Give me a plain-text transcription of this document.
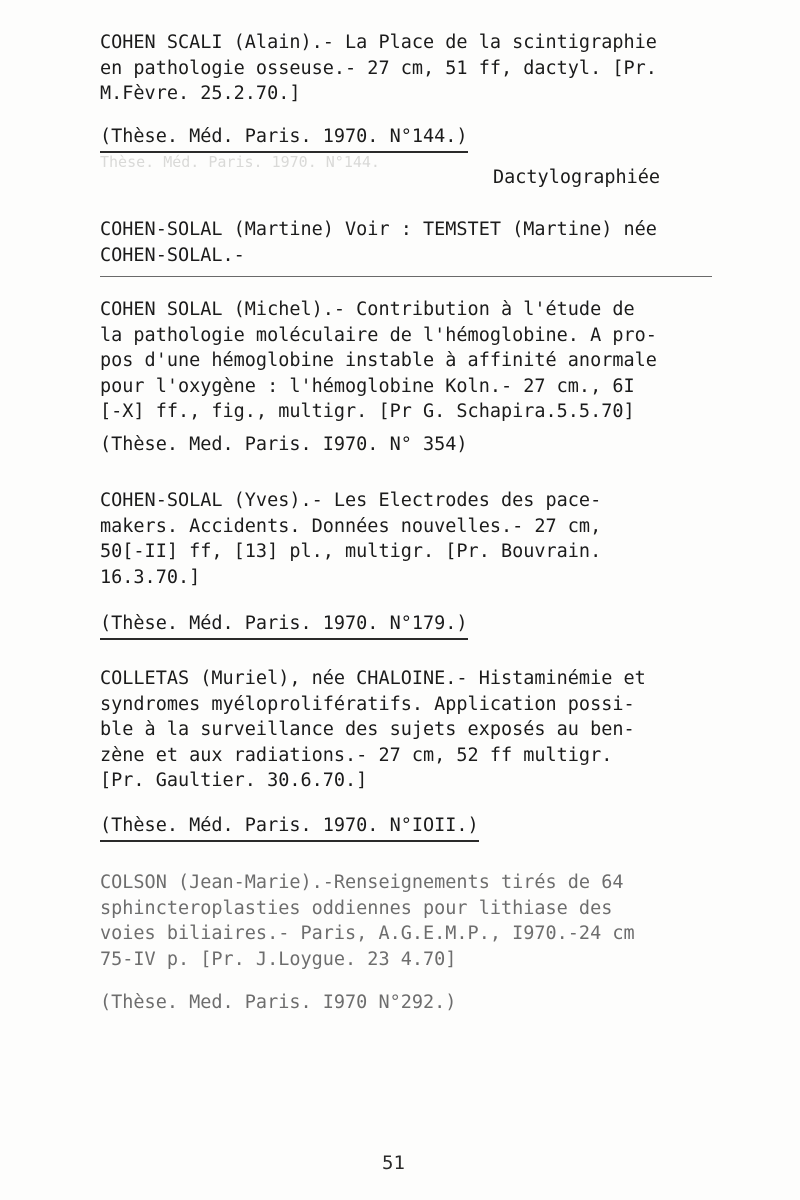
Thèse. Méd. Paris. 1970. N°144.

COHEN SCALI (Alain).- La Place de la scintigraphie
en pathologie osseuse.- 27 cm, 51 ff, dactyl. [Pr.
M.Fèvre. 25.2.70.]
(Thèse. Méd. Paris. 1970. N°144.)
Dactylographiée
COHEN-SOLAL (Martine) Voir : TEMSTET (Martine) née
COHEN-SOLAL.-
COHEN SOLAL (Michel).- Contribution à l'étude de
la pathologie moléculaire de l'hémoglobine. A pro-
pos d'une hémoglobine instable à affinité anormale
pour l'oxygène : l'hémoglobine Koln.- 27 cm., 6I
[-X] ff., fig., multigr. [Pr G. Schapira.5.5.70]
(Thèse. Med. Paris. I970. N° 354)
COHEN-SOLAL (Yves).- Les Electrodes des pace-
makers. Accidents. Données nouvelles.- 27 cm,
50[-II] ff, [13] pl., multigr. [Pr. Bouvrain.
16.3.70.]
(Thèse. Méd. Paris. 1970. N°179.)
COLLETAS (Muriel), née CHALOINE.- Histaminémie et
syndromes myéloprolifératifs. Application possi-
ble à la surveillance des sujets exposés au ben-
zène et aux radiations.- 27 cm, 52 ff multigr.
[Pr. Gaultier. 30.6.70.]
(Thèse. Méd. Paris. 1970. N°IOII.)

COLSON (Jean-Marie).-Renseignements tirés de 64
sphincteroplasties oddiennes pour lithiase des
voies biliaires.- Paris, A.G.E.M.P., I970.-24 cm
75-IV p. [Pr. J.Loygue. 23 4.70]
(Thèse. Med. Paris. I970 N°292.)

51
